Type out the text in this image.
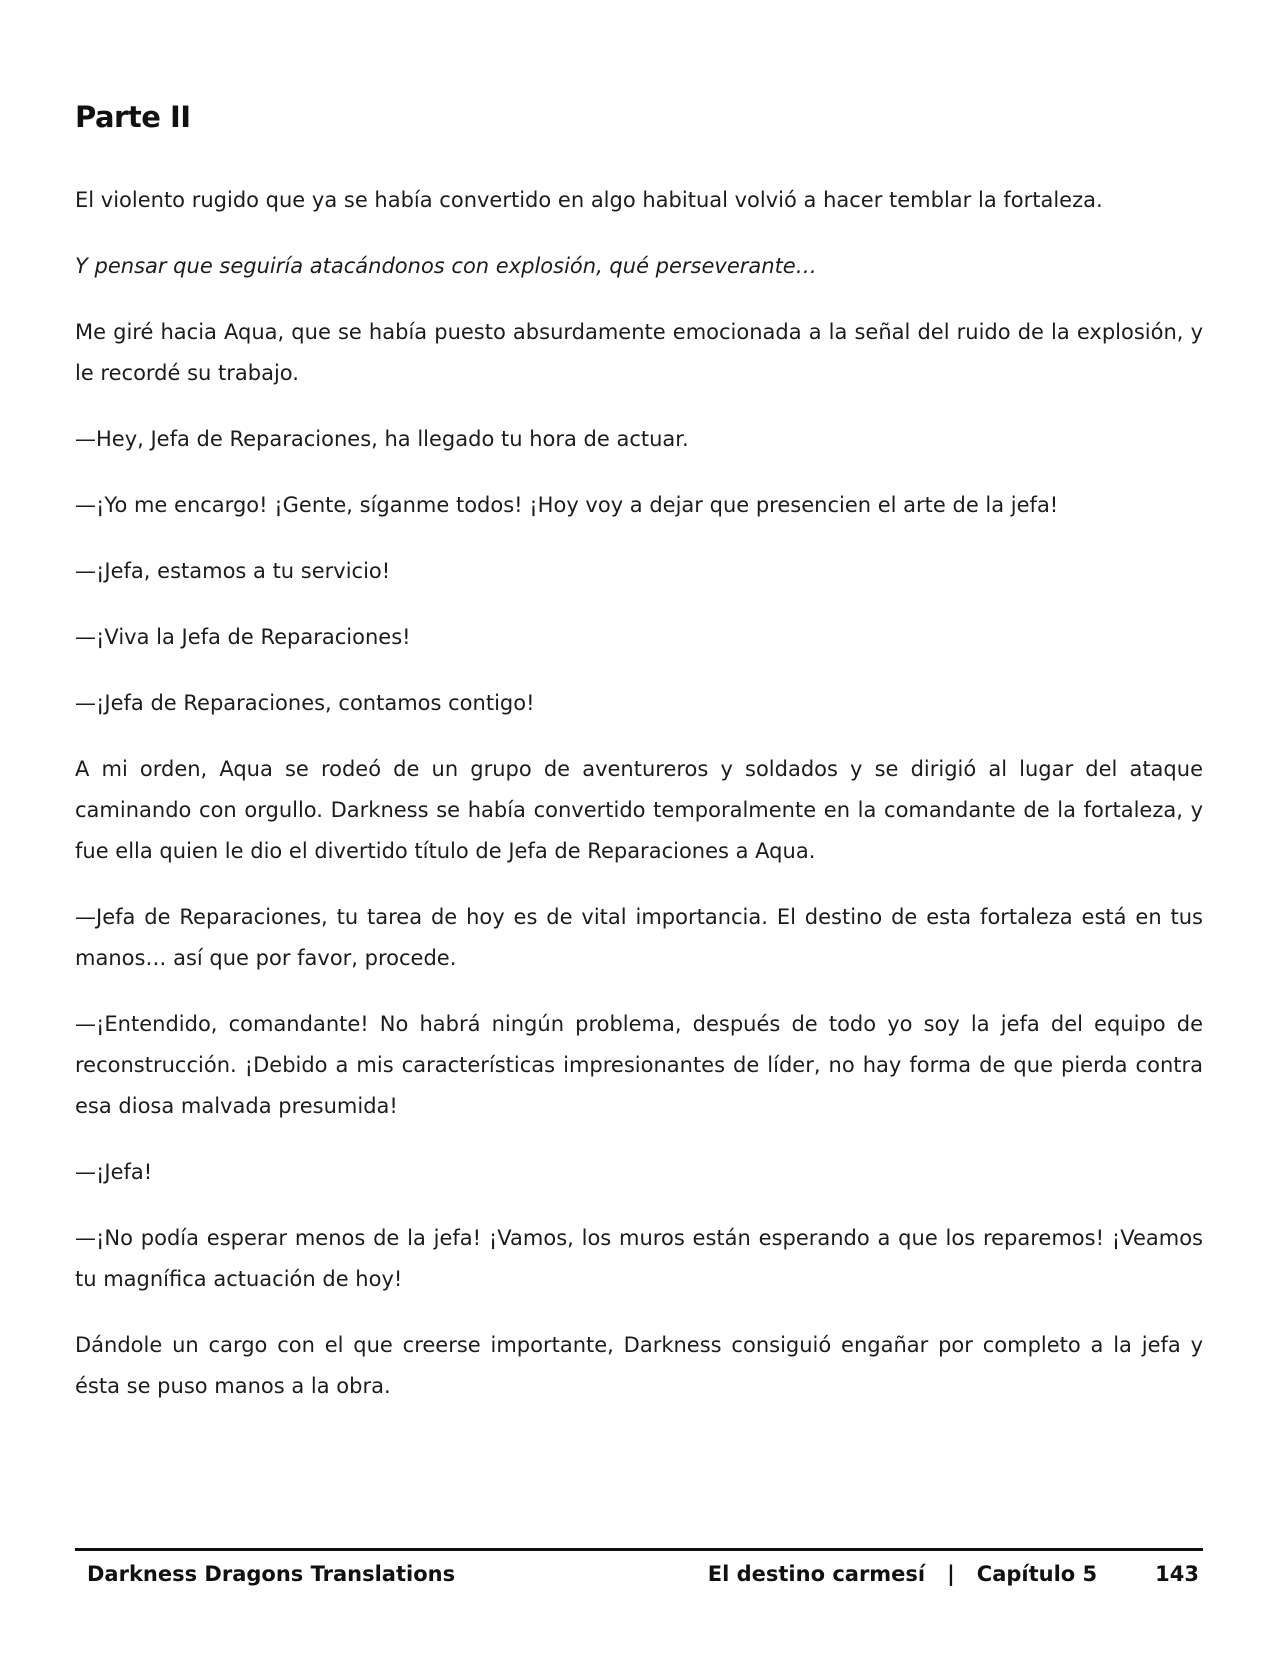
Parte II

El violento rugido que ya se había convertido en algo habitual volvió a hacer temblar la fortaleza.

Y pensar que seguiría atacándonos con explosión, qué perseverante…

Me giré hacia Aqua, que se había puesto absurdamente emocionada a la señal del ruido de la explosión, y le recordé su trabajo.

—Hey, Jefa de Reparaciones, ha llegado tu hora de actuar.

—¡Yo me encargo! ¡Gente, síganme todos! ¡Hoy voy a dejar que presencien el arte de la jefa!

—¡Jefa, estamos a tu servicio!

—¡Viva la Jefa de Reparaciones!

—¡Jefa de Reparaciones, contamos contigo!

A mi orden, Aqua se rodeó de un grupo de aventureros y soldados y se dirigió al lugar del ataque caminando con orgullo. Darkness se había convertido temporalmente en la comandante de la fortaleza, y fue ella quien le dio el divertido título de Jefa de Reparaciones a Aqua.

—Jefa de Reparaciones, tu tarea de hoy es de vital importancia. El destino de esta fortaleza está en tus manos… así que por favor, procede.

—¡Entendido, comandante! No habrá ningún problema, después de todo yo soy la jefa del equipo de reconstrucción. ¡Debido a mis características impresionantes de líder, no hay forma de que pierda contra esa diosa malvada presumida!

—¡Jefa!

—¡No podía esperar menos de la jefa! ¡Vamos, los muros están esperando a que los reparemos! ¡Veamos tu magnífica actuación de hoy!

Dándole un cargo con el que creerse importante, Darkness consiguió engañar por completo a la jefa y ésta se puso manos a la obra.

Darkness Dragons Translations	El destino carmesí | Capítulo 5	143
